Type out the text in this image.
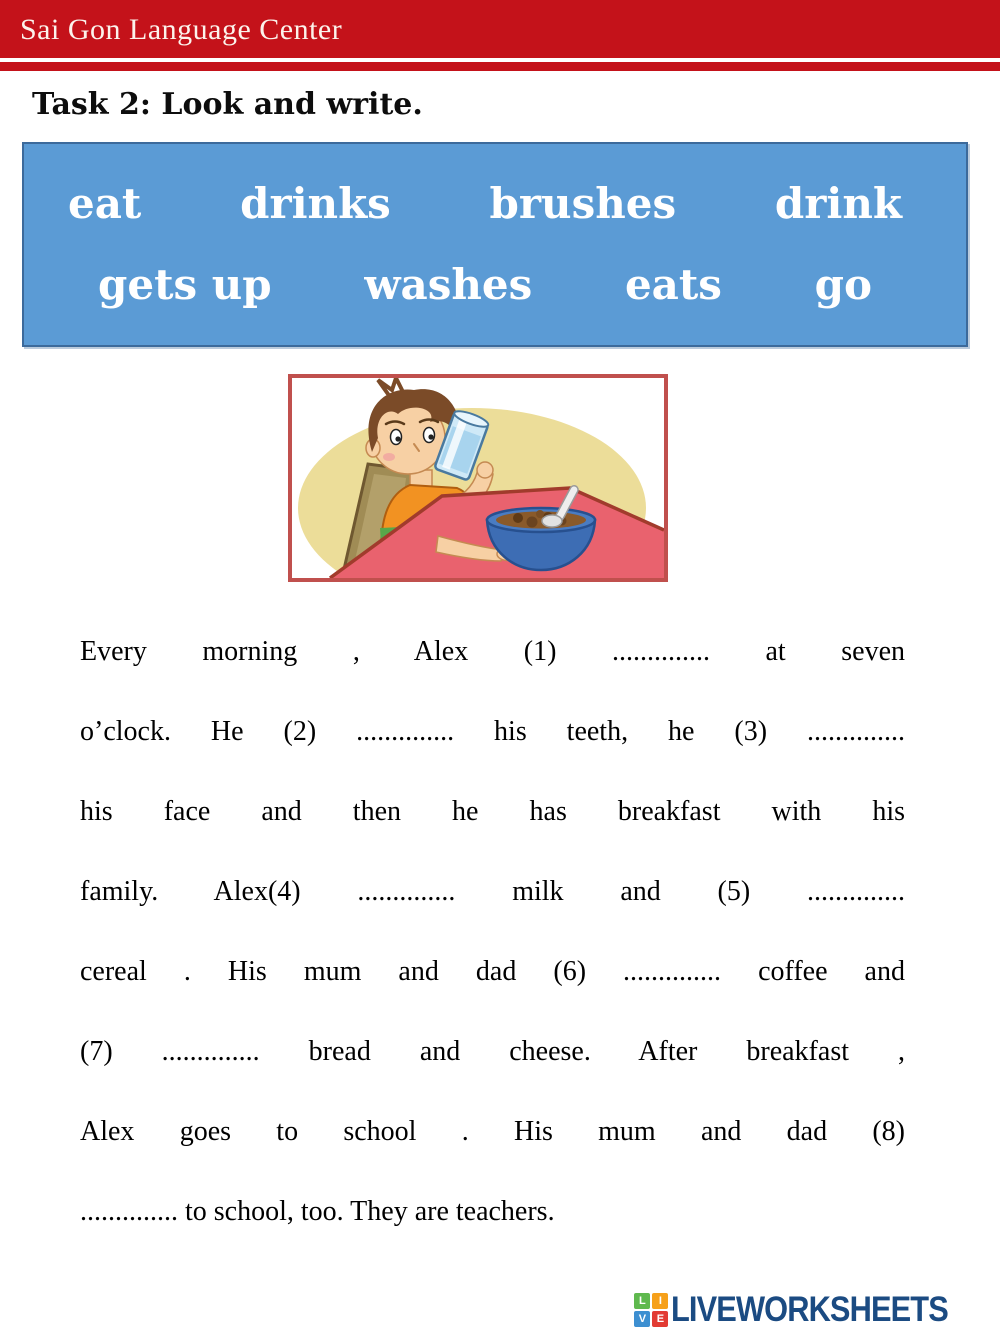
Sai Gon Language Center
Task 2: Look and write.
eat drinks brushes drink
gets up washes eats go
Every morning , Alex (1) .............. at seven
o’clock. He (2) .............. his teeth, he (3) ..............
his face and then he has breakfast with his
family. Alex(4) .............. milk and (5) ..............
cereal . His mum and dad (6) .............. coffee and
(7) .............. bread and cheese. After breakfast ,
Alex goes to school . His mum and dad (8)
.............. to school, too. They are teachers.
L	I
V E LIVEWORKSHEETS
